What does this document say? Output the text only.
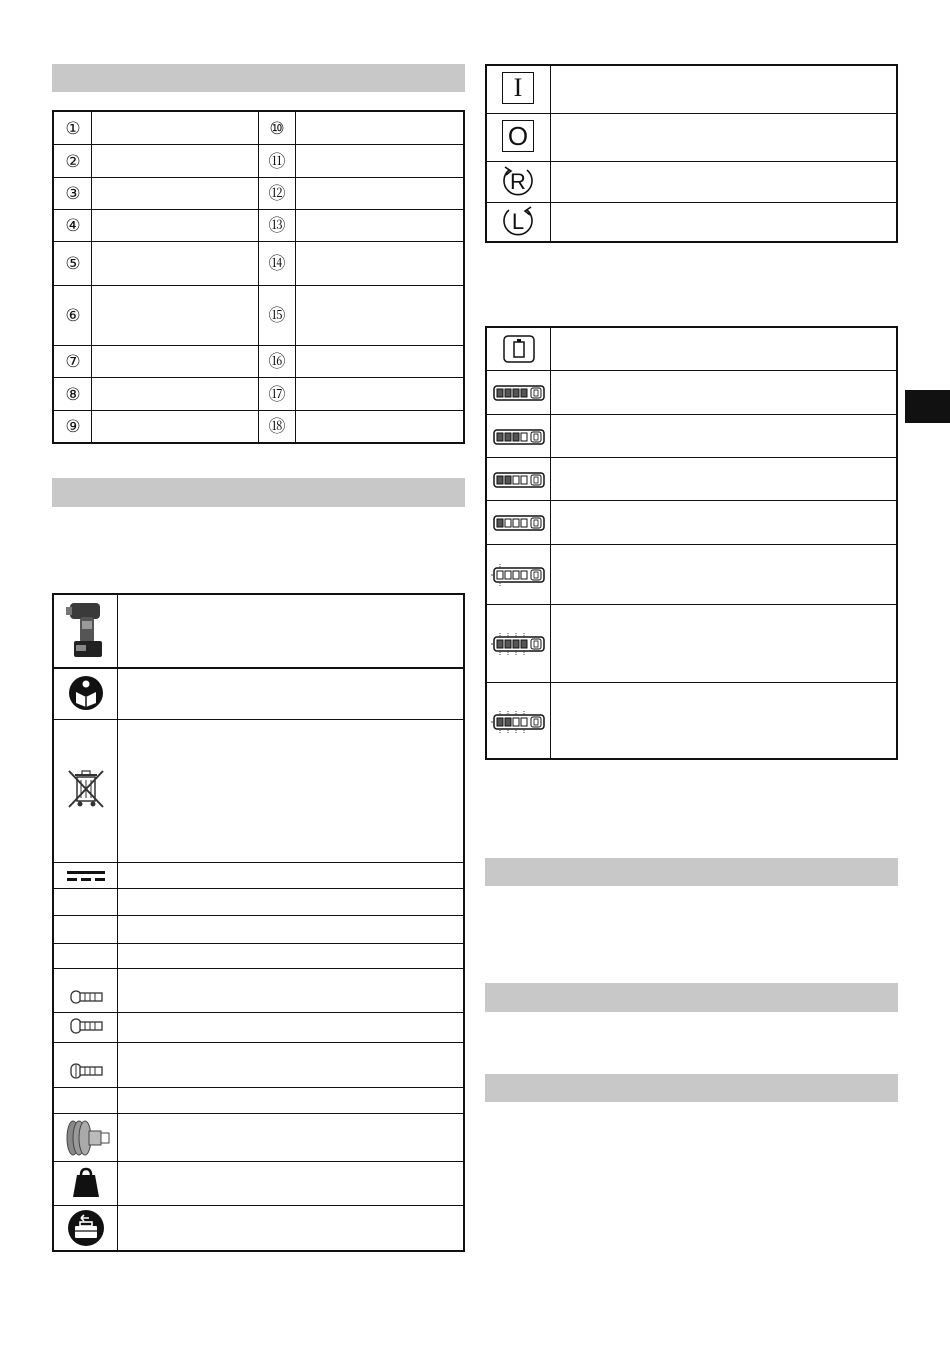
①
②
③
④
⑤
⑥
⑦
⑧
⑨
⑩
⑪
⑫
⑬
⑭
⑮
⑯
⑰
⑱
I
O
R
L
